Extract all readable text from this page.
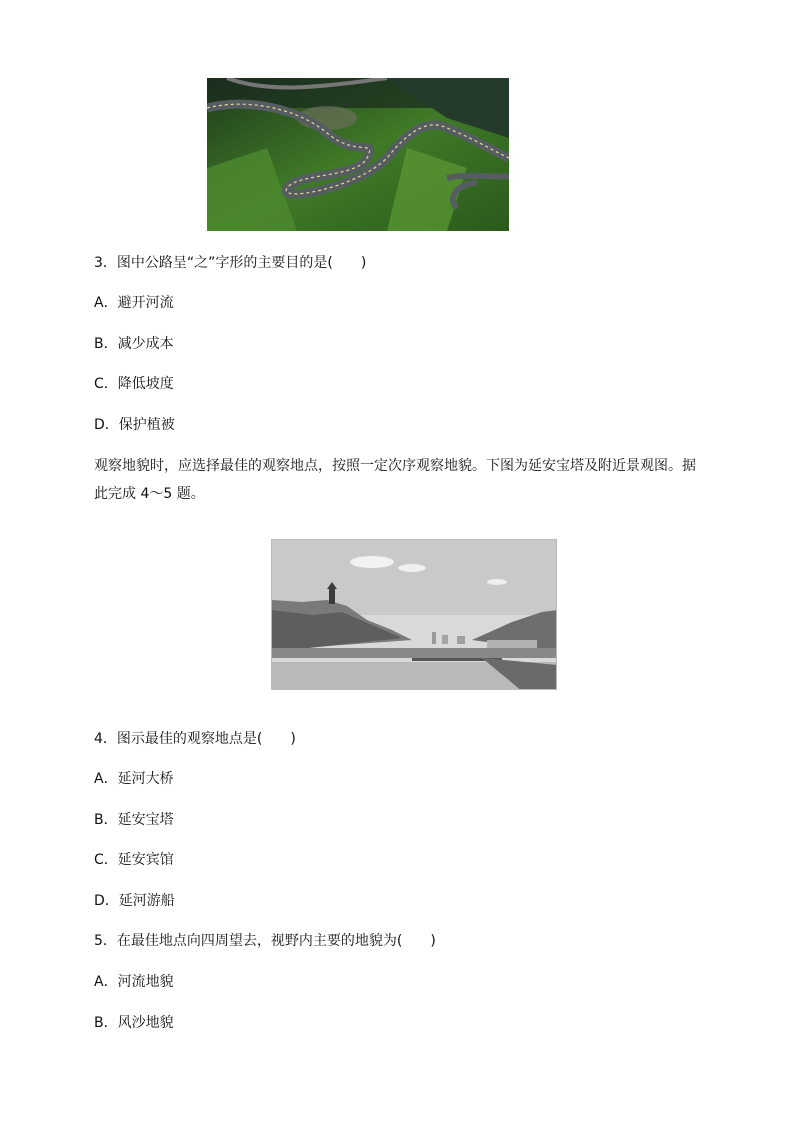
3．图中公路呈“之”字形的主要目的是(　　)
A．避开河流
B．减少成本
C．降低坡度
D．保护植被
观察地貌时，应选择最佳的观察地点，按照一定次序观察地貌。下图为延安宝塔及附近景观图。据此完成 4～5 题。
4．图示最佳的观察地点是(　　)
A．延河大桥
B．延安宝塔
C．延安宾馆
D．延河游船
5．在最佳地点向四周望去，视野内主要的地貌为(　　)
A．河流地貌
B．风沙地貌
